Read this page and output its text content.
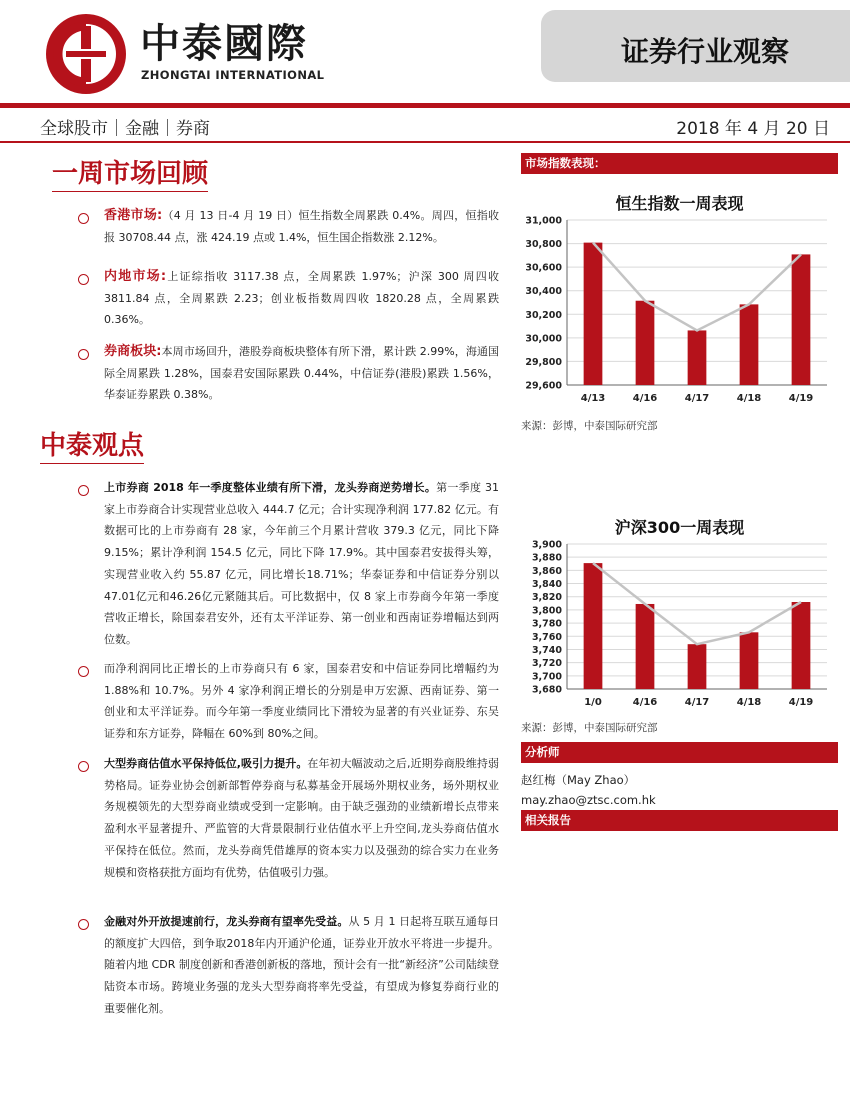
中泰國際
ZHONGTAI INTERNATIONAL
证券行业观察
全球股市｜金融｜券商	2018 年 4 月 20 日
一周市场回顾
香港市场:（4 月 13 日-4 月 19 日）恒生指数全周累跌 0.4%。周四，恒指收报 30708.44 点，涨 424.19 点或 1.4%，恒生国企指数涨 2.12%。
内地市场:上证综指收 3117.38 点，全周累跌 1.97%；沪深 300 周四收 3811.84 点，全周累跌 2.23；创业板指数周四收 1820.28 点，全周累跌 0.36%。
券商板块:本周市场回升，港股券商板块整体有所下滑，累计跌 2.99%，海通国际全周累跌 1.28%，国泰君安国际累跌 0.44%，中信证券(港股)累跌 1.56%，华泰证券累跌 0.38%。
中泰观点
上市券商 2018 年一季度整体业绩有所下滑，龙头券商逆势增长。第一季度 31 家上市券商合计实现营业总收入 444.7 亿元；合计实现净利润 177.82 亿元。有数据可比的上市券商有 28 家，今年前三个月累计营收 379.3 亿元，同比下降 9.15%；累计净利润 154.5 亿元，同比下降 17.9%。其中国泰君安拔得头筹，实现营业收入约 55.87 亿元，同比增长18.71%；华泰证券和中信证券分别以47.01亿元和46.26亿元紧随其后。可比数据中，仅 8 家上市券商今年第一季度营收正增长，除国泰君安外，还有太平洋证券、第一创业和西南证券增幅达到两位数。
而净利润同比正增长的上市券商只有 6 家，国泰君安和中信证券同比增幅约为 1.88%和 10.7%。另外 4 家净利润正增长的分别是申万宏源、西南证券、第一创业和太平洋证券。而今年第一季度业绩同比下滑较为显著的有兴业证券、东吴证券和东方证券，降幅在 60%到 80%之间。
大型券商估值水平保持低位,吸引力提升。在年初大幅波动之后,近期券商股维持弱势格局。证券业协会创新部暂停券商与私募基金开展场外期权业务，场外期权业务规模领先的大型券商业绩或受到一定影响。由于缺乏强劲的业绩新增长点带来盈利水平显著提升、严监管的大背景限制行业估值水平上升空间,龙头券商估值水平保持在低位。然而，龙头券商凭借雄厚的资本实力以及强劲的综合实力在业务规模和资格获批方面均有优势，估值吸引力强。
金融对外开放提速前行，龙头券商有望率先受益。从 5 月 1 日起将互联互通每日的额度扩大四倍，到争取2018年内开通沪伦通，证券业开放水平将进一步提升。随着内地 CDR 制度创新和香港创新板的落地，预计会有一批“新经济”公司陆续登陆资本市场。跨境业务强的龙头大型券商将率先受益，有望成为修复券商行业的重要催化剂。
市场指数表现：
恒生指数一周表现
29,600
29,800
30,000
30,200
30,400
30,600
30,800
31,000
4/13	4/16	4/17	4/18	4/19
来源：彭博，中泰国际研究部
沪深300一周表现
3,680
3,700
3,720
3,740
3,760
3,780
3,800
3,820
3,840
3,860
3,880
3,900
1/0	4/16	4/17	4/18	4/19
来源：彭博，中泰国际研究部
分析师
赵红梅（May Zhao）
may.zhao@ztsc.com.hk
相关报告
